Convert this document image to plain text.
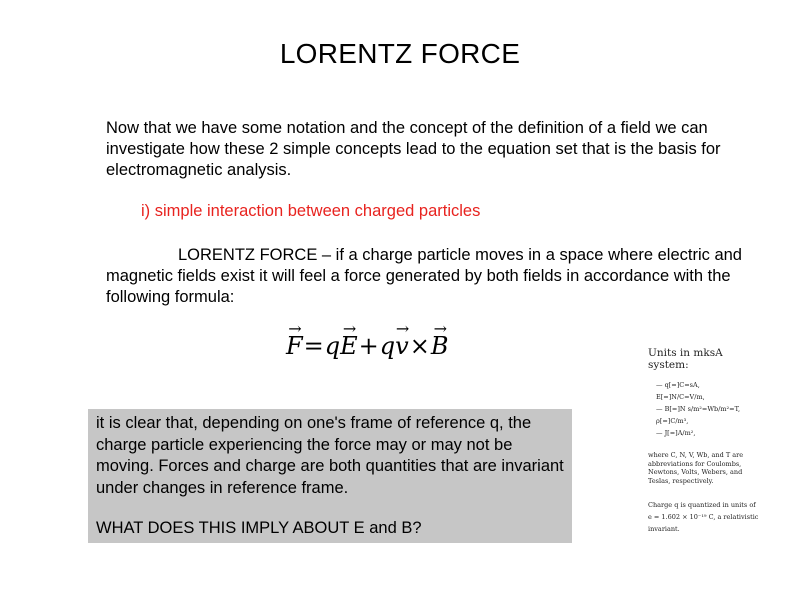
LORENTZ FORCE

Now that we have some notation and the concept of the definition of a field we can investigate how these 2 simple concepts lead to the equation set that is the basis for electromagnetic analysis.

i) simple interaction between charged particles

LORENTZ FORCE – if a charge particle moves in a space where electric and magnetic fields exist it will feel a force generated by both fields in accordance with the following formula:

→ F=q→ E+q→ v×→ B

it is clear that, depending on one's frame of reference q, the charge particle experiencing the force may or may not be moving. Forces and charge are both quantities that are invariant under changes in reference frame.

WHAT DOES THIS IMPLY ABOUT E and B?
Units in mksA system:
— q[=]C=sA,
E[=]N/C=V/m,
— B[=]N s/m²=Wb/m²=T,
ρ[=]C/m³,
— J[=]A/m²,
where C, N, V, Wb, and T are abbreviations for Coulombs, Newtons, Volts, Webers, and Teslas, respectively.
Charge q is quantized in units of e = 1.602 × 10⁻¹⁹ C, a relativistic invariant.
